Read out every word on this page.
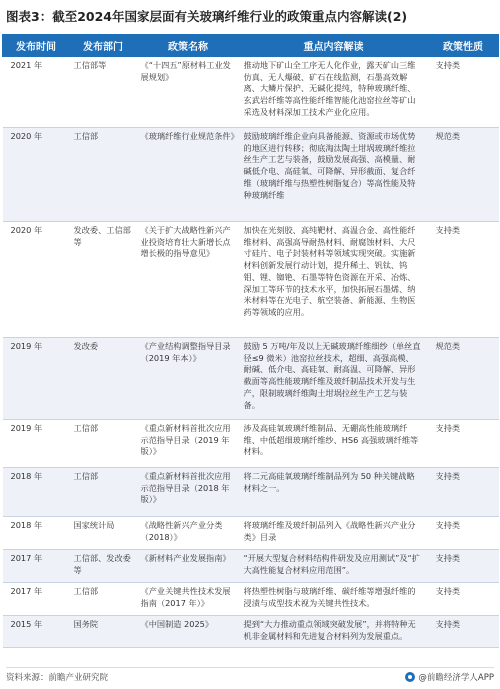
图表3：截至2024年国家层面有关玻璃纤维行业的政策重点内容解读(2)
发布时间	发布部门	政策名称	重点内容解读	政策性质
2021 年	工信部等	《“十四五”原材料工业发展规划》	推动地下矿山全工序无人化作业，露天矿山三维仿真、无人爆破、矿石在线监测，石墨高效解离、大鳞片保护、无碱化提纯，特种玻璃纤维、玄武岩纤维等高性能纤维智能化池窑拉丝等矿山采选及材料深加工技术产业化应用。	支持类
2020 年	工信部	《玻璃纤维行业规范条件》	鼓励玻璃纤维企业向具备能源、资源或市场优势的地区进行转移；彻底淘汰陶土坩埚玻璃纤维拉丝生产工艺与装备，鼓励发展高强、高模量、耐碱低介电、高硅氧、可降解、异形截面、复合纤维（玻璃纤维与热塑性树脂复合）等高性能及特种玻璃纤维	规范类
2020 年	发改委、工信部等	《关于扩大战略性新兴产业投资培育壮大新增长点增长极的指导意见》	加快在光刻胶、高纯靶材、高温合金、高性能纤维材料、高强高导耐热材料、耐腐蚀材料、大尺寸硅片、电子封装材料等领域实现突破。实施新材料创新发展行动计划，提升稀土、钒钛、钨钼、锂、铷铯、石墨等特色资源在开采、冶炼、深加工等环节的技术水平，加快拓展石墨烯、纳米材料等在光电子、航空装备、新能源、生物医药等领域的应用。	支持类
2019 年	发改委	《产业结构调整指导目录（2019 年本）》	鼓励 5 万吨/年及以上无碱玻璃纤维细纱（单丝直径≤9 微米）池窑拉丝技术，超细、高强高模、耐碱、低介电、高硅氧、耐高温、可降解、异形截面等高性能玻璃纤维及玻纤制品技术开发与生产，限制玻璃纤维陶土坩埚拉丝生产工艺与装备。	规范类
2019 年	工信部	《重点新材料首批次应用示范指导目录（2019 年版）》	涉及高硅氧玻璃纤维制品、无硼高性能玻璃纤维、中低超细玻璃纤维纱、HS6 高强玻璃纤维等材料。	支持类
2018 年	工信部	《重点新材料首批次应用示范指导目录（2018 年版）》	将二元高硅氧玻璃纤维制品列为 50 种关键战略材料之一。	支持类
2018 年	国家统计局	《战略性新兴产业分类（2018）》	将玻璃纤维及玻纤制品列入《战略性新兴产业分类》目录	支持类
2017 年	工信部、发改委等	《新材料产业发展指南》	“开展大型复合材料结构件研发及应用测试”及“扩大高性能复合材料应用范围”。	支持类
2017 年	工信部	《产业关键共性技术发展指南（2017 年）》	将热塑性树脂与玻璃纤维、碳纤维等增强纤维的浸渍与成型技术视为关键共性技术。	支持类
2015 年	国务院	《中国制造 2025》	提到“大力推动重点领域突破发展”，并将特种无机非金属材料和先进复合材料列为发展重点。	支持类
资料来源：前瞻产业研究院	@前瞻经济学人APP
